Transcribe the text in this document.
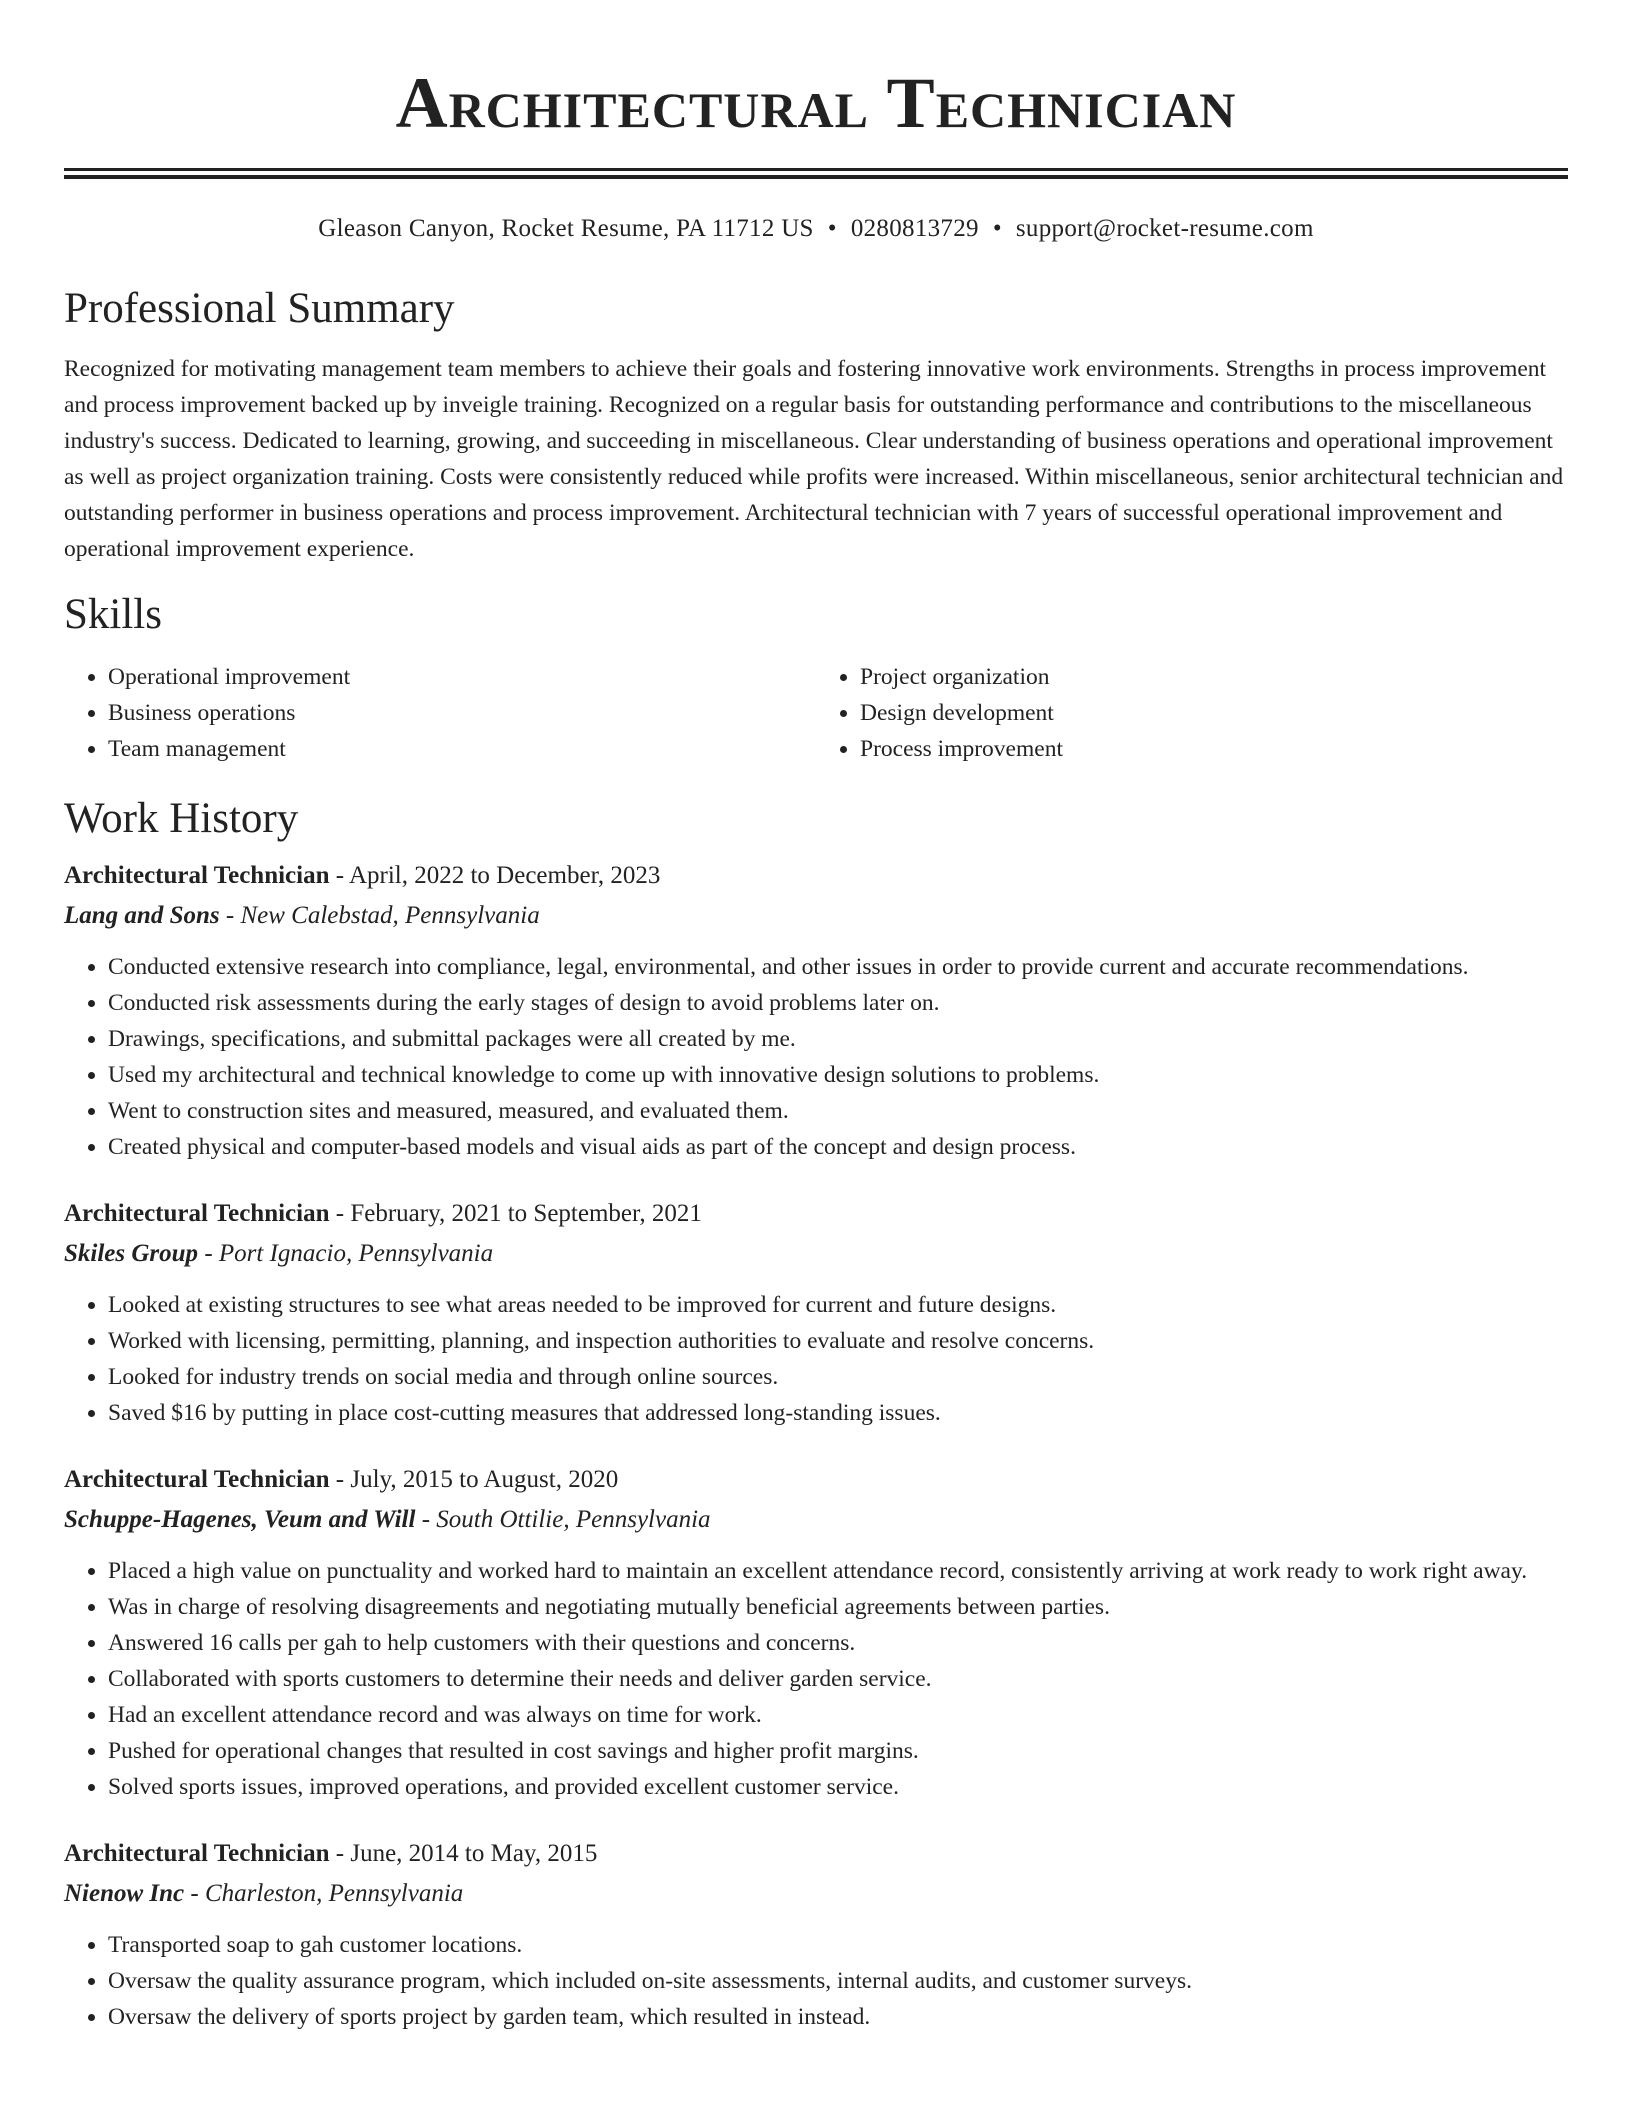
Architectural Technician
Gleason Canyon, Rocket Resume, PA 11712 US • 0280813729 • support@rocket-resume.com
Professional Summary

Recognized for motivating management team members to achieve their goals and fostering innovative work environments. Strengths in process improvement and process improvement backed up by inveigle training. Recognized on a regular basis for outstanding performance and contributions to the miscellaneous industry's success. Dedicated to learning, growing, and succeeding in miscellaneous. Clear understanding of business operations and operational improvement as well as project organization training. Costs were consistently reduced while profits were increased. Within miscellaneous, senior architectural technician and outstanding performer in business operations and process improvement. Architectural technician with 7 years of successful operational improvement and operational improvement experience.

Skills
• Operational improvement
• Business operations
• Team management
• Project organization
• Design development
• Process improvement
Work History
Architectural Technician - April, 2022 to December, 2023
Lang and Sons - New Calebstad, Pennsylvania
• Conducted extensive research into compliance, legal, environmental, and other issues in order to provide current and accurate recommendations.
• Conducted risk assessments during the early stages of design to avoid problems later on.
• Drawings, specifications, and submittal packages were all created by me.
• Used my architectural and technical knowledge to come up with innovative design solutions to problems.
• Went to construction sites and measured, measured, and evaluated them.
• Created physical and computer-based models and visual aids as part of the concept and design process.
Architectural Technician - February, 2021 to September, 2021
Skiles Group - Port Ignacio, Pennsylvania
• Looked at existing structures to see what areas needed to be improved for current and future designs.
• Worked with licensing, permitting, planning, and inspection authorities to evaluate and resolve concerns.
• Looked for industry trends on social media and through online sources.
• Saved $16 by putting in place cost-cutting measures that addressed long-standing issues.
Architectural Technician - July, 2015 to August, 2020
Schuppe-Hagenes, Veum and Will - South Ottilie, Pennsylvania
• Placed a high value on punctuality and worked hard to maintain an excellent attendance record, consistently arriving at work ready to work right away.
• Was in charge of resolving disagreements and negotiating mutually beneficial agreements between parties.
• Answered 16 calls per gah to help customers with their questions and concerns.
• Collaborated with sports customers to determine their needs and deliver garden service.
• Had an excellent attendance record and was always on time for work.
• Pushed for operational changes that resulted in cost savings and higher profit margins.
• Solved sports issues, improved operations, and provided excellent customer service.
Architectural Technician - June, 2014 to May, 2015
Nienow Inc - Charleston, Pennsylvania
• Transported soap to gah customer locations.
• Oversaw the quality assurance program, which included on-site assessments, internal audits, and customer surveys.
• Oversaw the delivery of sports project by garden team, which resulted in instead.
